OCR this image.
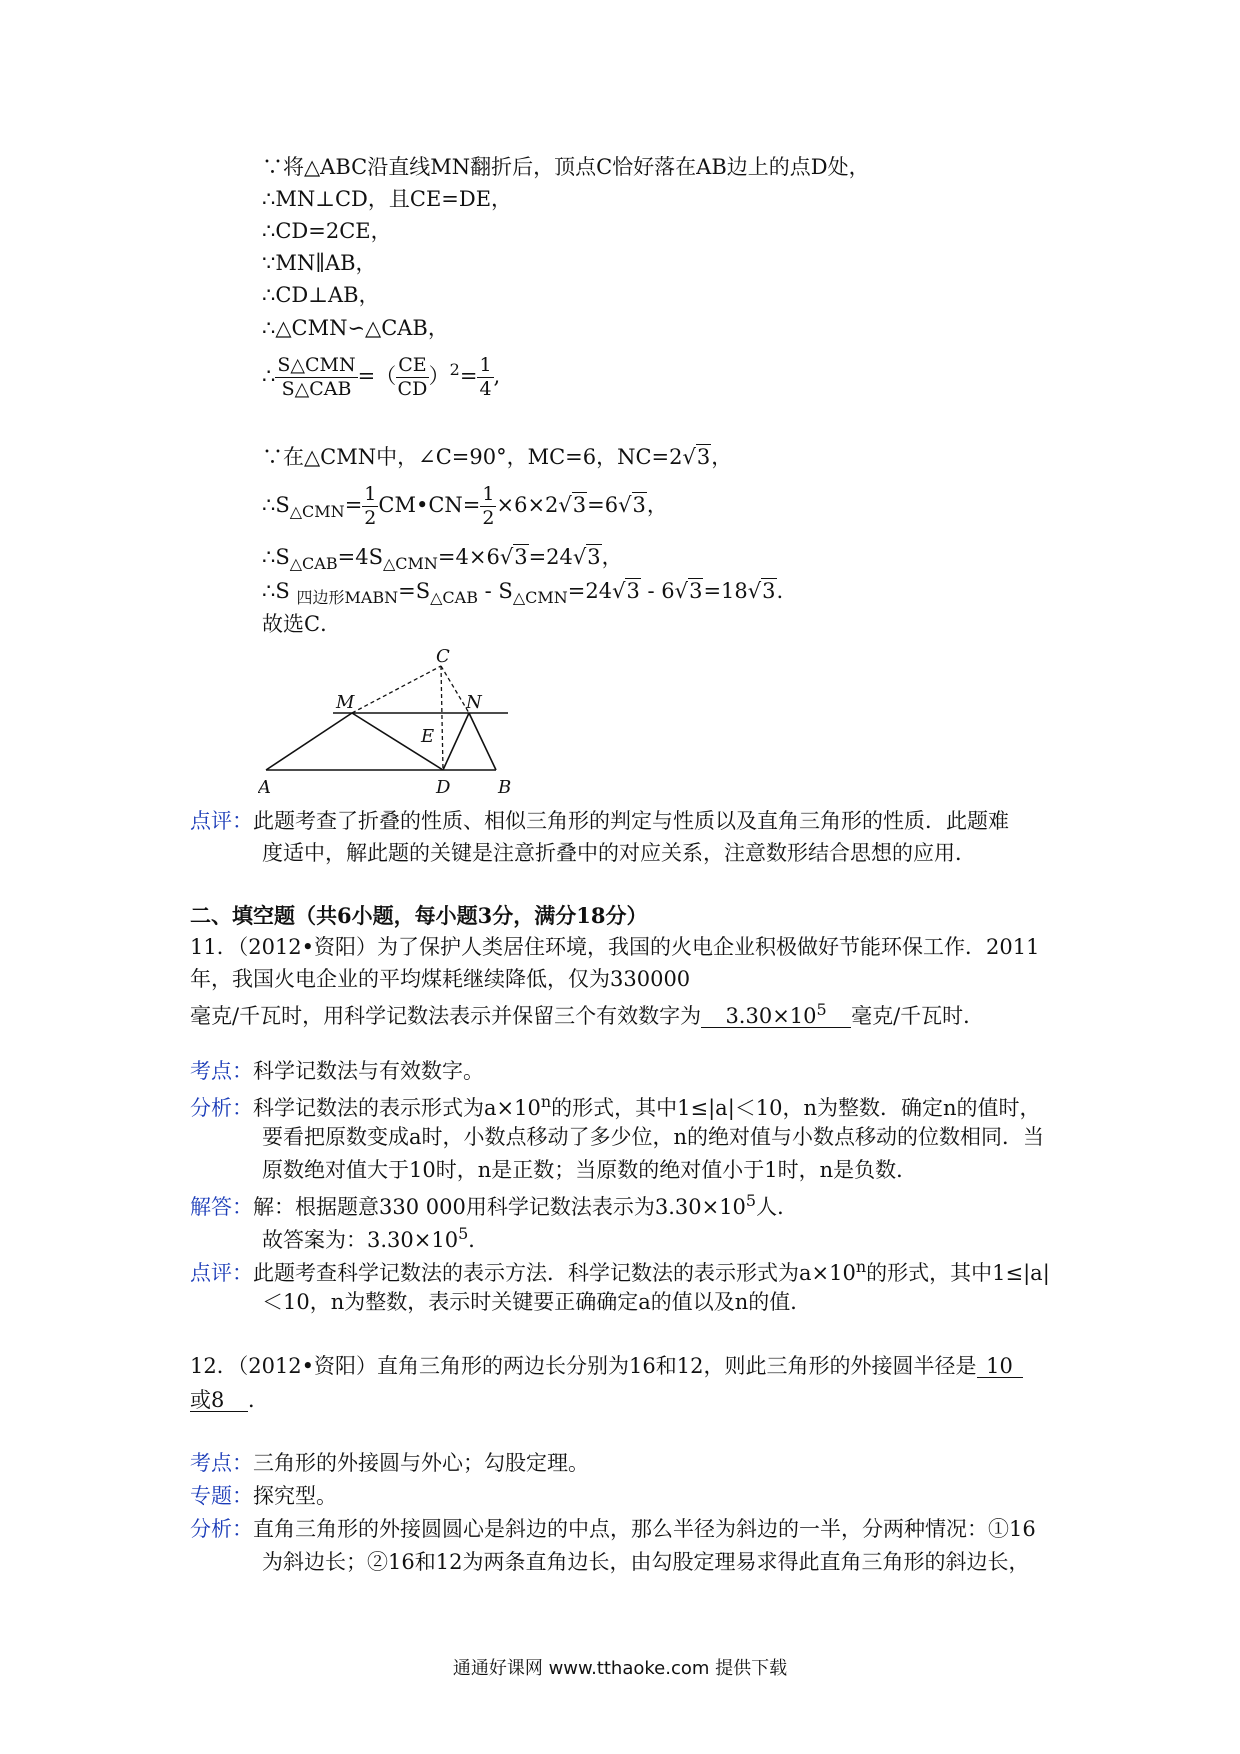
∵将△ABC沿直线MN翻折后，顶点C恰好落在AB边上的点D处，
∴MN⊥CD，且CE=DE，
∴CD=2CE，
∵MN∥AB，
∴CD⊥AB，
∴△CMN∽△CAB，
∴ $\frac{\text{S△CMN}}{\text{S△CAB}}$ =（ $\frac{CE}{CD} )^2= \frac{1}{4}$ ,
∵在△CMN中，∠C=90°，MC=6，NC=2√3，
$\therefore S_{\triangle CMN}= \frac{1}{2}$ CM•CN= $\frac{1}{2} \times 6\times 2√3=6√3$，
$\therefore S_{\triangle CAB}=4S_{\triangle CMN}=4\times 6√3=24√3$，
∴S $_{四边形MABN}=S_{\triangle CAB} - S_{\triangle CMN}=24√3 - 6√3=18√3$.
故选C．
C
M	N
E
A	D	B
点评：此题考查了折叠的性质、相似三角形的判定与性质以及直角三角形的性质．此题难
度适中，解此题的关键是注意折叠中的对应关系，注意数形结合思想的应用．
二、填空题（共6小题，每小题3分，满分18分）
11．（2012•资阳）为了保护人类居住环境，我国的火电企业积极做好节能环保工作．2011
年，我国火电企业的平均煤耗继续降低，仅为330000
毫克/千瓦时，用科学记数法表示并保留三个有效数字为 $3.30\times 10^5$ 毫克/千瓦时．
考点：科学记数法与有效数字。
分析：科学记数法的表示形式为$a\times 10^n$的形式，其中1≤|a|＜10，n为整数．确定n的值时，
要看把原数变成a时，小数点移动了多少位，n的绝对值与小数点移动的位数相同．当
原数绝对值大于10时，n是正数；当原数的绝对值小于1时，n是负数．
解答：解：根据题意330 000用科学记数法表示为$3.30\times 10^5$人．
故答案为：$3.30\times 10^5$．
点评：此题考查科学记数法的表示方法．科学记数法的表示形式为$a\times 10^n$的形式，其中1≤|a|
＜10，n为整数，表示时关键要正确确定a的值以及n的值．
12．（2012•资阳）直角三角形的两边长分别为16和12，则此三角形的外接圆半径是 10
或8 ．
考点：三角形的外接圆与外心；勾股定理。
专题：探究型。
分析：直角三角形的外接圆圆心是斜边的中点，那么半径为斜边的一半，分两种情况：①16
为斜边长；②16和12为两条直角边长，由勾股定理易求得此直角三角形的斜边长，
通通好课网 www.tthaoke.com 提供下载
